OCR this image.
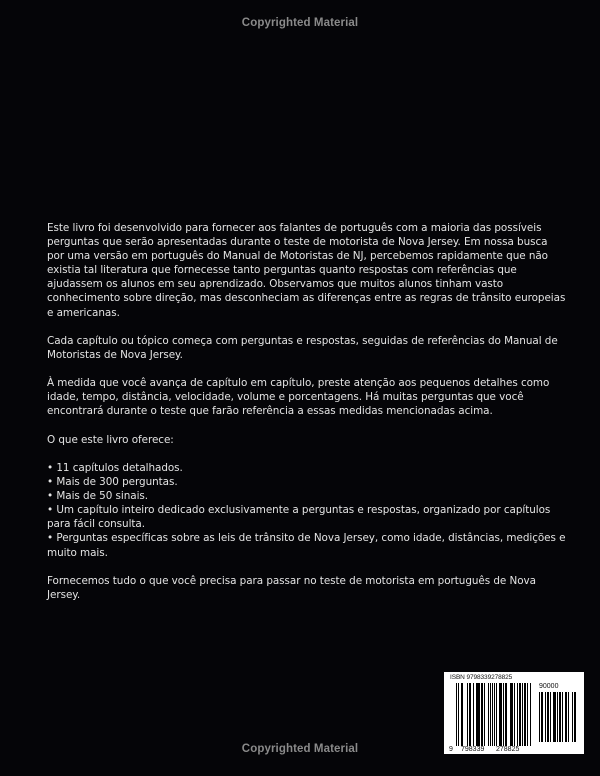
Copyrighted Material

Este livro foi desenvolvido para fornecer aos falantes de português com a maioria das possíveis perguntas que serão apresentadas durante o teste de motorista de Nova Jersey. Em nossa busca por uma versão em português do Manual de Motoristas de NJ, percebemos rapidamente que não existia tal literatura que fornecesse tanto perguntas quanto respostas com referências que ajudassem os alunos em seu aprendizado. Observamos que muitos alunos tinham vasto conhecimento sobre direção, mas desconheciam as diferenças entre as regras de trânsito europeias e americanas.

Cada capítulo ou tópico começa com perguntas e respostas, seguidas de referências do Manual de Motoristas de Nova Jersey.

À medida que você avança de capítulo em capítulo, preste atenção aos pequenos detalhes como idade, tempo, distância, velocidade, volume e porcentagens. Há muitas perguntas que você encontrará durante o teste que farão referência a essas medidas mencionadas acima.

O que este livro oferece:

• 11 capítulos detalhados.
• Mais de 300 perguntas.
• Mais de 50 sinais.
• Um capítulo inteiro dedicado exclusivamente a perguntas e respostas, organizado por capítulos para fácil consulta.
• Perguntas específicas sobre as leis de trânsito de Nova Jersey, como idade, distâncias, medições e muito mais.

Fornecemos tudo o que você precisa para passar no teste de motorista em português de Nova Jersey.

ISBN 9798339278825
90000
9 798339 278825
Copyrighted Material
